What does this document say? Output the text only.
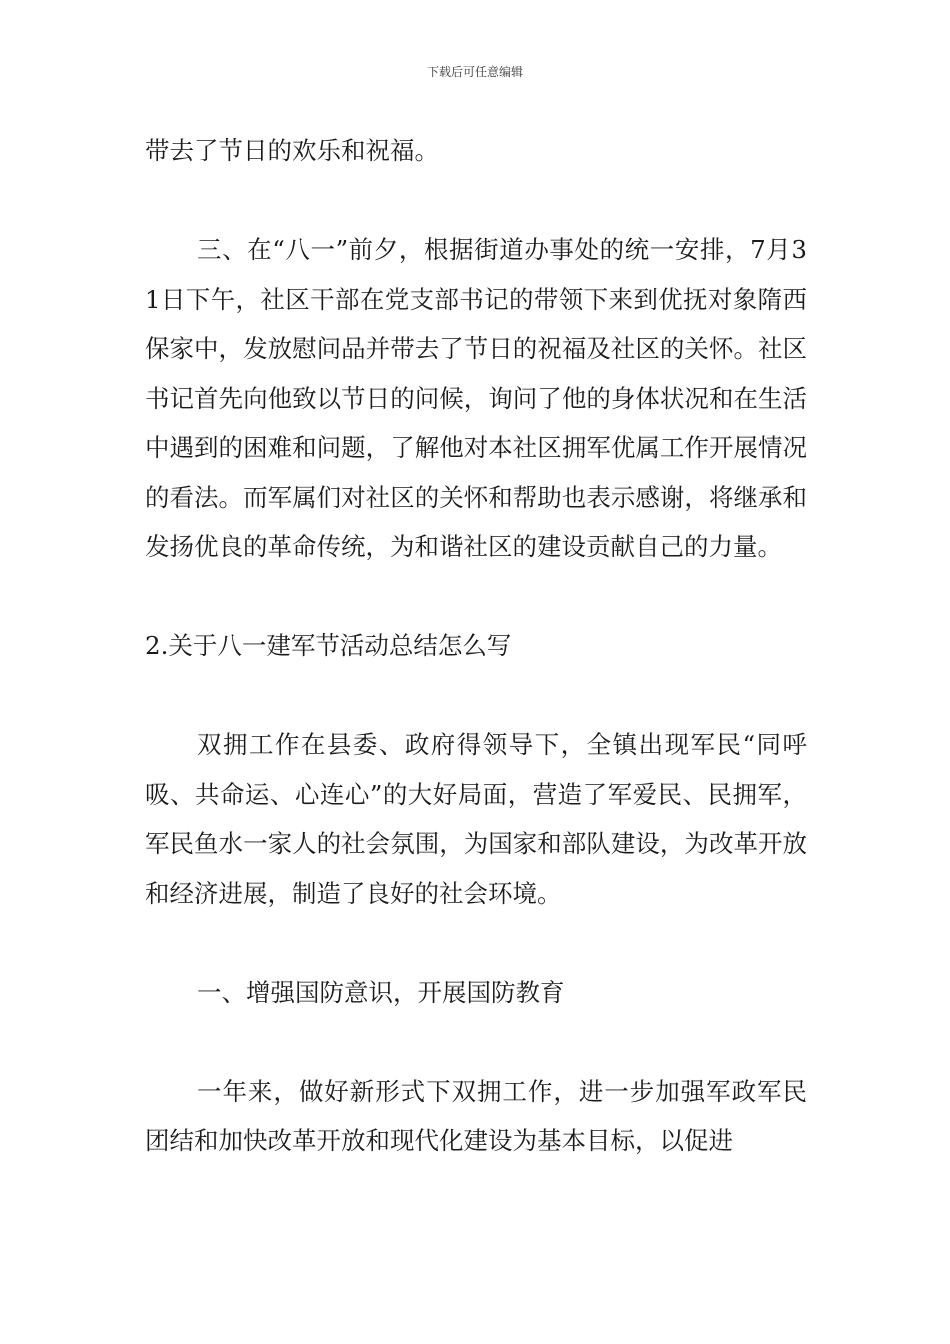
下载后可任意编辑

带去了节日的欢乐和祝福。

三、在“八一”前夕，根据街道办事处的统一安排，7月31日下午，社区干部在党支部书记的带领下来到优抚对象隋西保家中，发放慰问品并带去了节日的祝福及社区的关怀。社区书记首先向他致以节日的问候，询问了他的身体状况和在生活中遇到的困难和问题，了解他对本社区拥军优属工作开展情况的看法。而军属们对社区的关怀和帮助也表示感谢，将继承和发扬优良的革命传统，为和谐社区的建设贡献自己的力量。

2.关于八一建军节活动总结怎么写

双拥工作在县委、政府得领导下，全镇出现军民“同呼吸、共命运、心连心”的大好局面，营造了军爱民、民拥军，军民鱼水一家人的社会氛围，为国家和部队建设，为改革开放和经济进展，制造了良好的社会环境。

一、增强国防意识，开展国防教育

一年来，做好新形式下双拥工作，进一步加强军政军民团结和加快改革开放和现代化建设为基本目标，以促进
